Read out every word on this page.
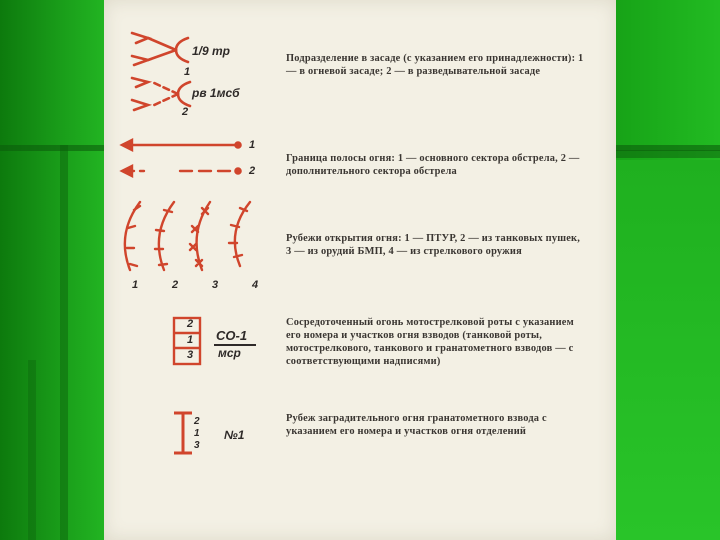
1/9 тр
1
рв 1мсб
2
Подразделение в засаде (с указанием его принадлежности): 1 — в огневой засаде; 2 — в разведывательной засаде
1
2
Граница полосы огня: 1 — основного сектора обстрела, 2 — дополнительного сектора обстрела
1	2	3	4
Рубежи открытия огня: 1 — ПТУР, 2 — из танковых пушек, 3 — из орудий БМП, 4 — из стрелкового оружия
2
1
3
СО-1
мср
Сосредоточенный огонь мотострелковой роты с указанием его номера и участков огня взводов (танковой роты, мотострелкового, танкового и гранатометного взводов — с соответствующими надписями)
2
1
3
№1
Рубеж заградительного огня гранатометного взвода с указанием его номера и участков огня отделений
